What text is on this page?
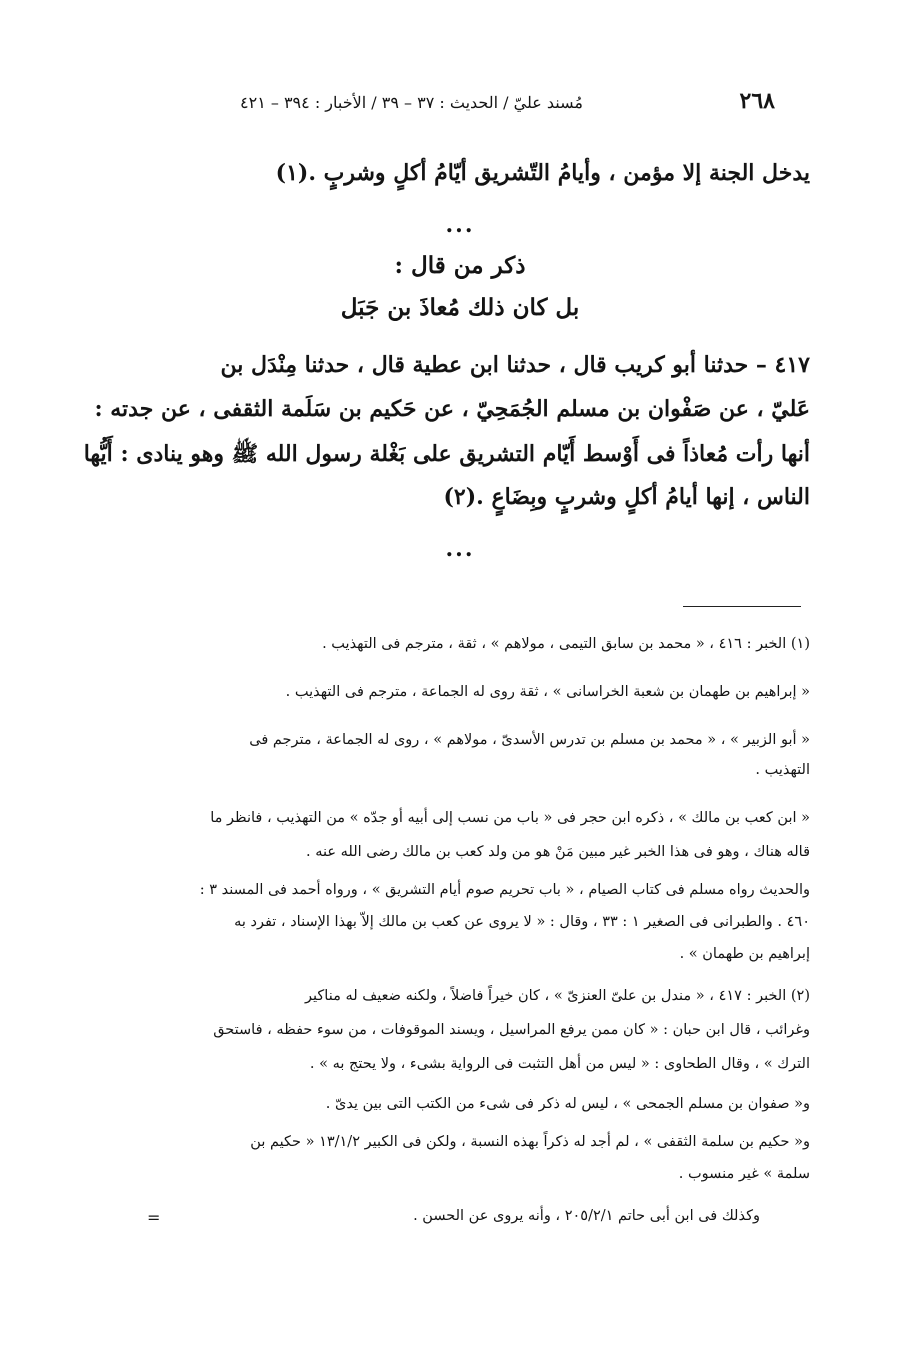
٢٦٨
مُسند عليّ / الحديث : ٣٧ – ٣٩ / الأخبار : ٣٩٤ – ٤٢١
يدخل الجنة إلا مؤمن ، وأيامُ التّشريق أيّامُ أكلٍ وشربٍ .(١)
...
ذكر من قال :
بل كان ذلك مُعاذَ بن جَبَل
٤١٧ – حدثنا أبو كريب قال ، حدثنا ابن عطية قال ، حدثنا مِنْدَل بن
عَليّ ، عن صَفْوان بن مسلم الجُمَحِيّ ، عن حَكيم بن سَلَمة الثقفى ، عن جدته :
أنها رأت مُعاذاً فى أَوْسط أَيّام التشريق على بَغْلة رسول الله ﷺ وهو ينادى : أَيُّها
الناس ، إنها أيامُ أكلٍ وشربٍ وبِضَاعٍ .(٢)
...
(١) الخبر : ٤١٦ ، « محمد بن سابق التيمى ، مولاهم » ، ثقة ، مترجم فى التهذيب .
« إبراهيم بن طهمان بن شعبة الخراسانى » ، ثقة روى له الجماعة ، مترجم فى التهذيب .
« أبو الزبير » ، « محمد بن مسلم بن تدرس الأسدىّ ، مولاهم » ، روى له الجماعة ، مترجم فى
التهذيب .
« ابن كعب بن مالك » ، ذكره ابن حجر فى « باب من نسب إلى أبيه أو جدّه » من التهذيب ، فانظر ما
قاله هناك ، وهو فى هذا الخبر غير مبين مَنْ هو من ولد كعب بن مالك رضى الله عنه .
والحديث رواه مسلم فى كتاب الصيام ، « باب تحريم صوم أيام التشريق » ، ورواه أحمد فى المسند ٣ :
٤٦٠ . والطبرانى فى الصغير ١ : ٣٣ ، وقال : « لا يروى عن كعب بن مالك إلاّ بهذا الإسناد ، تفرد به
إبراهيم بن طهمان » .
(٢) الخبر : ٤١٧ ، « مندل بن علىّ العنزىّ » ، كان خيراً فاضلاً ، ولكنه ضعيف له مناكير
وغرائب ، قال ابن حبان : « كان ممن يرفع المراسيل ، ويسند الموقوفات ، من سوء حفظه ، فاستحق
الترك » ، وقال الطحاوى : « ليس من أهل التثبت فى الرواية بشىء ، ولا يحتج به » .
و« صفوان بن مسلم الجمحى » ، ليس له ذكر فى شىء من الكتب التى بين يدىّ .
و« حكيم بن سلمة الثقفى » ، لم أجد له ذكراً بهذه النسبة ، ولكن فى الكبير ١٣/١/٢ « حكيم بن
سلمة » غير منسوب .
وكذلك فى ابن أبى حاتم ٢٠٥/٢/١ ، وأنه يروى عن الحسن .
=
